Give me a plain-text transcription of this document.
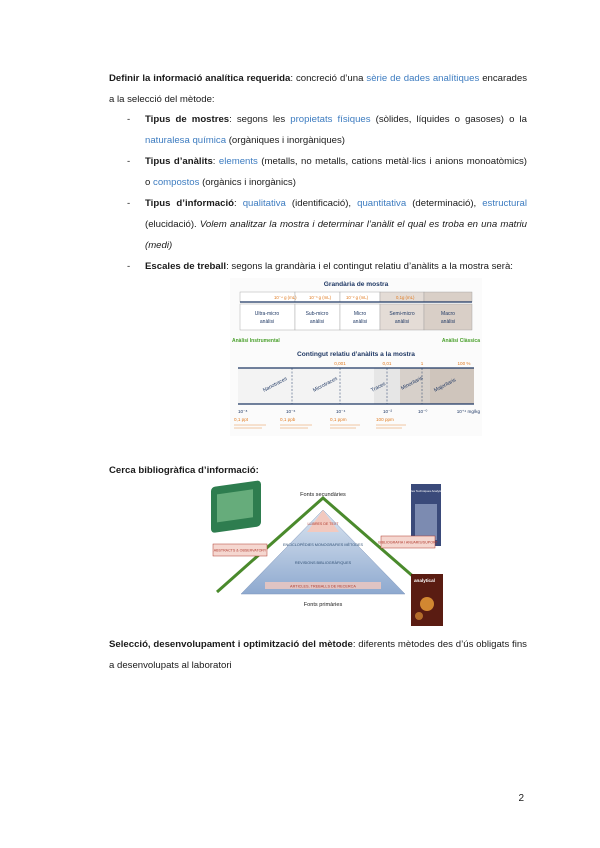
Definir la informació analítica requerida: concreció d’una sèrie de dades analítiques encarades a la selecció del mètode:
- Tipus de mostres: segons les propietats físiques (sòlides, líquides o gasoses) o la naturalesa química (orgàniques i inorgàniques)
- Tipus d’anàlits: elements (metalls, no metalls, cations metàl·lics i anions monoatòmics) o compostos (orgànics i inorgànics)
- Tipus d’informació: qualitativa (identificació), quantitativa (determinació), estructural (elucidació). Volem analitzar la mostra i determinar l’anàlit el qual es troba en una matriu (medi)
- Escales de treball: segons la grandària i el contingut relatiu d’anàlits a la mostra serà:
Grandària de mostra
10⁻⁴ g (mL)	10⁻³ g (mL)	10⁻² g (mL)	0,1g (mL)
Ultra-micro
anàlisi
Sub-micro
anàlisi
Micro
anàlisi
Semi-micro
anàlisi
Macro
anàlisi
Anàlisi Instrumental	Anàlisi Clàssica
Contingut relatiu d’anàlits a la mostra
0,001	0,01	1	100 %
Nanotraces	Microtraces	Traces	Minoritaris Majoritaris
10⁻⁸	10⁻⁶	10⁻⁴	10⁻²	10⁻⁰	10⁺⁴ mg/kg
0,1 ppt	0,1 ppb	0,1 ppm	100 ppm
Cerca bibliogràfica d’informació:
LLIBRES DE TEXT
ENCICLOPÈDIES MONOGRAFIES MÈTODES
REVISIONS BIBLIOGRÀFIQUES
ARTICLES, TREBALLS DE RECERCA
Fonts secundàries
Fonts primàries
ABSTRACTS & OBSERVATORY
Guide Principles Techniques Analytical Chemistry
BIBLIOGRAFIA I ANUARIS/SUPORT
analytical
Selecció, desenvolupament i optimització del mètode: diferents mètodes des d’ús obligats fins a desenvolupats al laboratori
2
